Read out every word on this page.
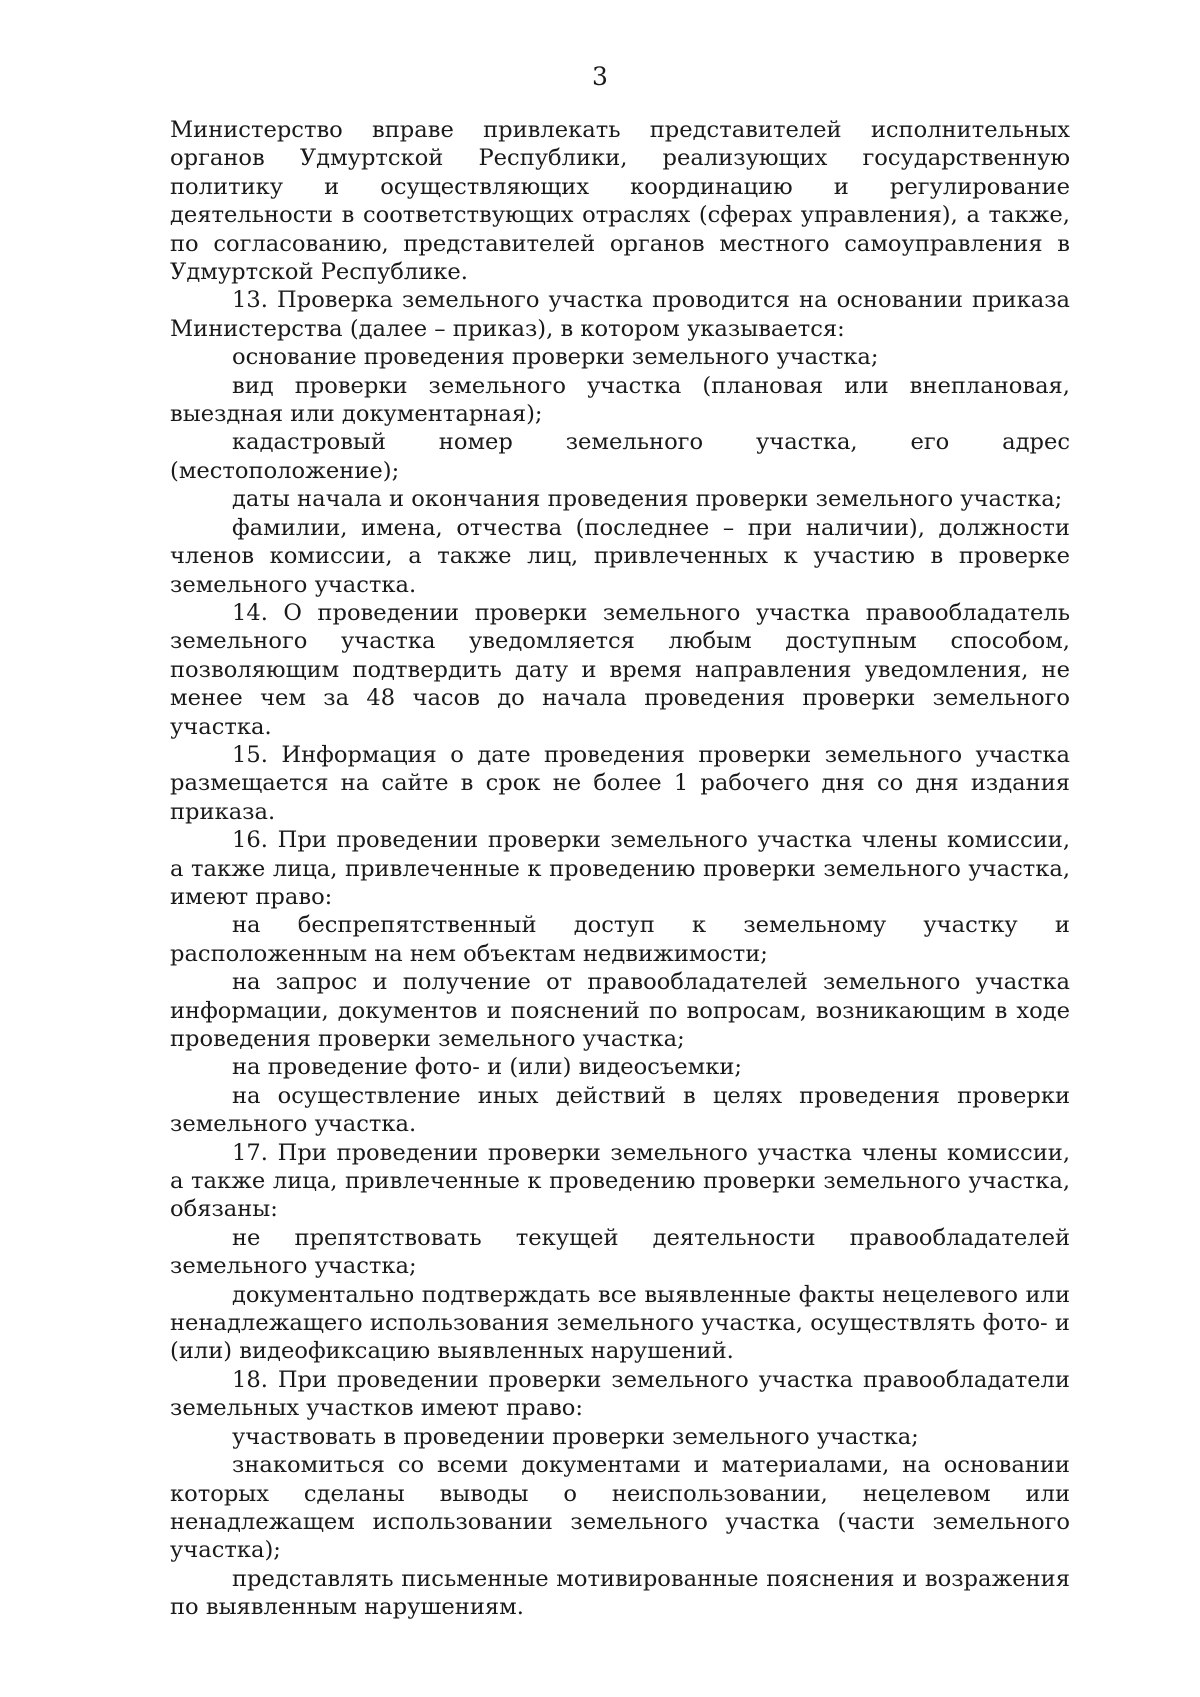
3

Министерство вправе привлекать представителей исполнительных органов Удмуртской Республики, реализующих государственную политику и осуществляющих координацию и регулирование деятельности в соответствующих отраслях (сферах управления), а также, по согласованию, представителей органов местного самоуправления в Удмуртской Республике.

13. Проверка земельного участка проводится на основании приказа Министерства (далее – приказ), в котором указывается:

основание проведения проверки земельного участка;

вид проверки земельного участка (плановая или внеплановая, выездная или документарная);

кадастровый номер земельного участка, его адрес (местоположение);

даты начала и окончания проведения проверки земельного участка;

фамилии, имена, отчества (последнее – при наличии), должности членов комиссии, а также лиц, привлеченных к участию в проверке земельного участка.

14. О проведении проверки земельного участка правообладатель земельного участка уведомляется любым доступным способом, позволяющим подтвердить дату и время направления уведомления, не менее чем за 48 часов до начала проведения проверки земельного участка.

15. Информация о дате проведения проверки земельного участка размещается на сайте в срок не более 1 рабочего дня со дня издания приказа.

16. При проведении проверки земельного участка члены комиссии, а также лица, привлеченные к проведению проверки земельного участка, имеют право:

на беспрепятственный доступ к земельному участку и расположенным на нем объектам недвижимости;

на запрос и получение от правообладателей земельного участка информации, документов и пояснений по вопросам, возникающим в ходе проведения проверки земельного участка;

на проведение фото- и (или) видеосъемки;

на осуществление иных действий в целях проведения проверки земельного участка.

17. При проведении проверки земельного участка члены комиссии, а также лица, привлеченные к проведению проверки земельного участка, обязаны:

не препятствовать текущей деятельности правообладателей земельного участка;

документально подтверждать все выявленные факты нецелевого или ненадлежащего использования земельного участка, осуществлять фото- и (или) видеофиксацию выявленных нарушений.

18. При проведении проверки земельного участка правообладатели земельных участков имеют право:

участвовать в проведении проверки земельного участка;

знакомиться со всеми документами и материалами, на основании которых сделаны выводы о неиспользовании, нецелевом или ненадлежащем использовании земельного участка (части земельного участка);

представлять письменные мотивированные пояснения и возражения по выявленным нарушениям.
